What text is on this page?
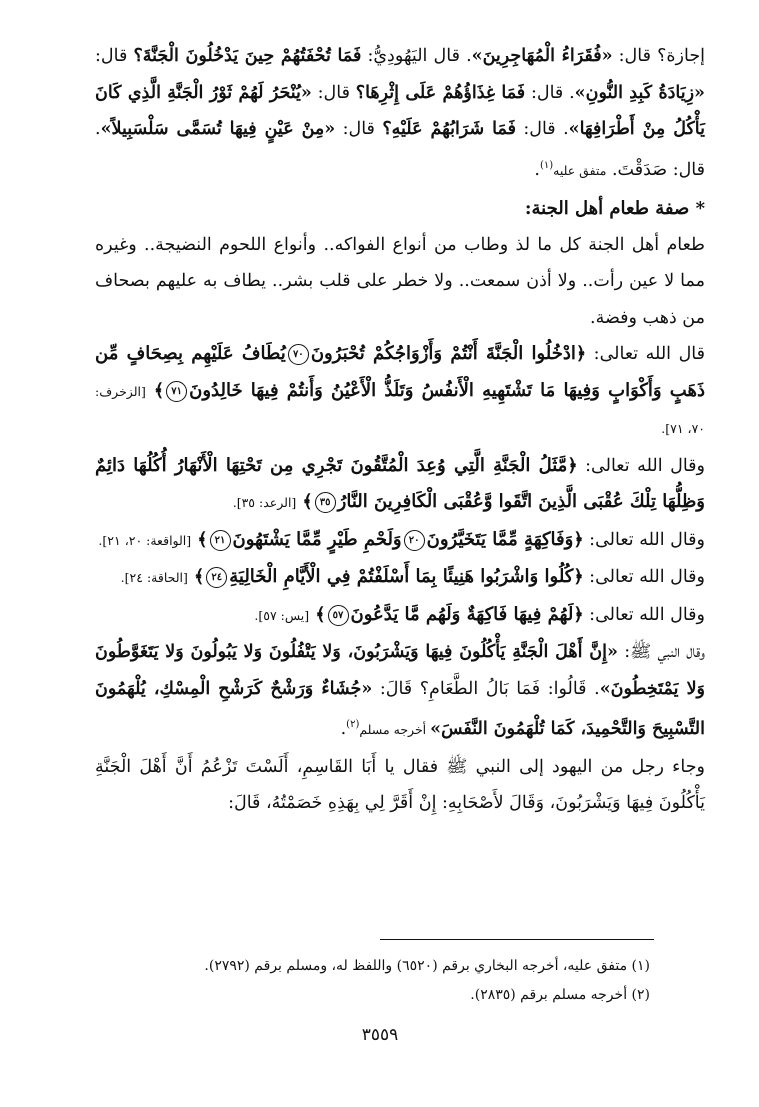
إجازة؟ قال: «فُقَرَاءُ الْمُهَاجِرِينَ». قال اليَهُودِيُّ: فَمَا تُحْفَتُهُمْ حِينَ يَدْخُلُونَ الْجَنَّةَ؟ قال: «زِيَادَةُ كَبِدِ النُّونِ». قال: فَمَا غِذَاؤُهُمْ عَلَى إِثْرِهَا؟ قال: «يُنْحَرُ لَهُمْ ثَوْرُ الْجَنَّةِ الَّذِي كَانَ يَأْكُلُ مِنْ أَطْرَافِهَا». قال: فَمَا شَرَابُهُمْ عَلَيْهِ؟ قال: «مِنْ عَيْنٍ فِيهَا تُسَمَّى سَلْسَبِيلاً». قال: صَدَقْتَ. متفق عليه$^{(١)}$.

* صفة طعام أهل الجنة:

طعام أهل الجنة كل ما لذ وطاب من أنواع الفواكه.. وأنواع اللحوم النضيجة.. وغيره مما لا عين رأت.. ولا أذن سمعت.. ولا خطر على قلب بشر.. يطاف به عليهم بصحاف من ذهب وفضة.

قال الله تعالى: ﴿ادْخُلُوا الْجَنَّةَ أَنْتُمْ وَأَزْوَاجُكُمْ تُحْبَرُونَ٧٠يُطَافُ عَلَيْهِم بِصِحَافٍ مِّن ذَهَبٍ وَأَكْوَابٍ وَفِيهَا مَا تَشْتَهِيهِ الْأَنفُسُ وَتَلَذُّ الْأَعْيُنُ وَأَنتُمْ فِيهَا خَالِدُونَ٧١﴾ [الزخرف: ٧٠، ٧١].

وقال الله تعالى: ﴿مَّثَلُ الْجَنَّةِ الَّتِي وُعِدَ الْمُتَّقُونَ تَجْرِي مِن تَحْتِهَا الْأَنْهَارُ أُكُلُهَا دَائِمٌ وَظِلُّهَا تِلْكَ عُقْبَى الَّذِينَ اتَّقَوا وَّعُقْبَى الْكَافِرِينَ النَّارُ٣٥﴾ [الرعد: ٣٥].

وقال الله تعالى: ﴿وَفَاكِهَةٍ مِّمَّا يَتَخَيَّرُونَ٢٠وَلَحْمِ طَيْرٍ مِّمَّا يَشْتَهُونَ٢١﴾ [الواقعة: ٢٠، ٢١].

وقال الله تعالى: ﴿كُلُوا وَاشْرَبُوا هَنِيئًا بِمَا أَسْلَفْتُمْ فِي الْأَيَّامِ الْخَالِيَةِ٢٤﴾ [الحاقة: ٢٤].

وقال الله تعالى: ﴿لَهُمْ فِيهَا فَاكِهَةٌ وَلَهُم مَّا يَدَّعُونَ٥٧﴾ [يس: ٥٧].

وقال النبي ﷺ: «إِنَّ أَهْلَ الْجَنَّةِ يَأْكُلُونَ فِيهَا وَيَشْرَبُونَ، وَلا يَتْفُلُونَ وَلا يَبُولُونَ وَلا يَتَغَوَّطُونَ وَلا يَمْتَخِطُونَ». قَالُوا: فَمَا بَالُ الطَّعَامِ؟ قَالَ: «جُشَاءٌ وَرَشْحٌ كَرَشْحِ الْمِسْكِ، يُلْهَمُونَ التَّسْبِيحَ وَالتَّحْمِيدَ، كَمَا تُلْهَمُونَ النَّفَسَ» أخرجه مسلم$^{(٢)}$.

وجاء رجل من اليهود إلى النبي ﷺ فقال يا أَبَا القَاسِمِ، أَلَسْتَ تَزْعُمُ أَنَّ أَهْلَ الْجَنَّةِ يَأْكُلُونَ فِيهَا وَيَشْرَبُونَ، وَقَالَ لأَصْحَابِهِ: إِنْ أَقَرَّ لِي بِهَذِهِ خَصَمْتُهُ، قَالَ:

(١) متفق عليه، أخرجه البخاري برقم (٦٥٢٠) واللفظ له، ومسلم برقم (٢٧٩٢).
(٢) أخرجه مسلم برقم (٢٨٣٥).
٣٥٥٩
